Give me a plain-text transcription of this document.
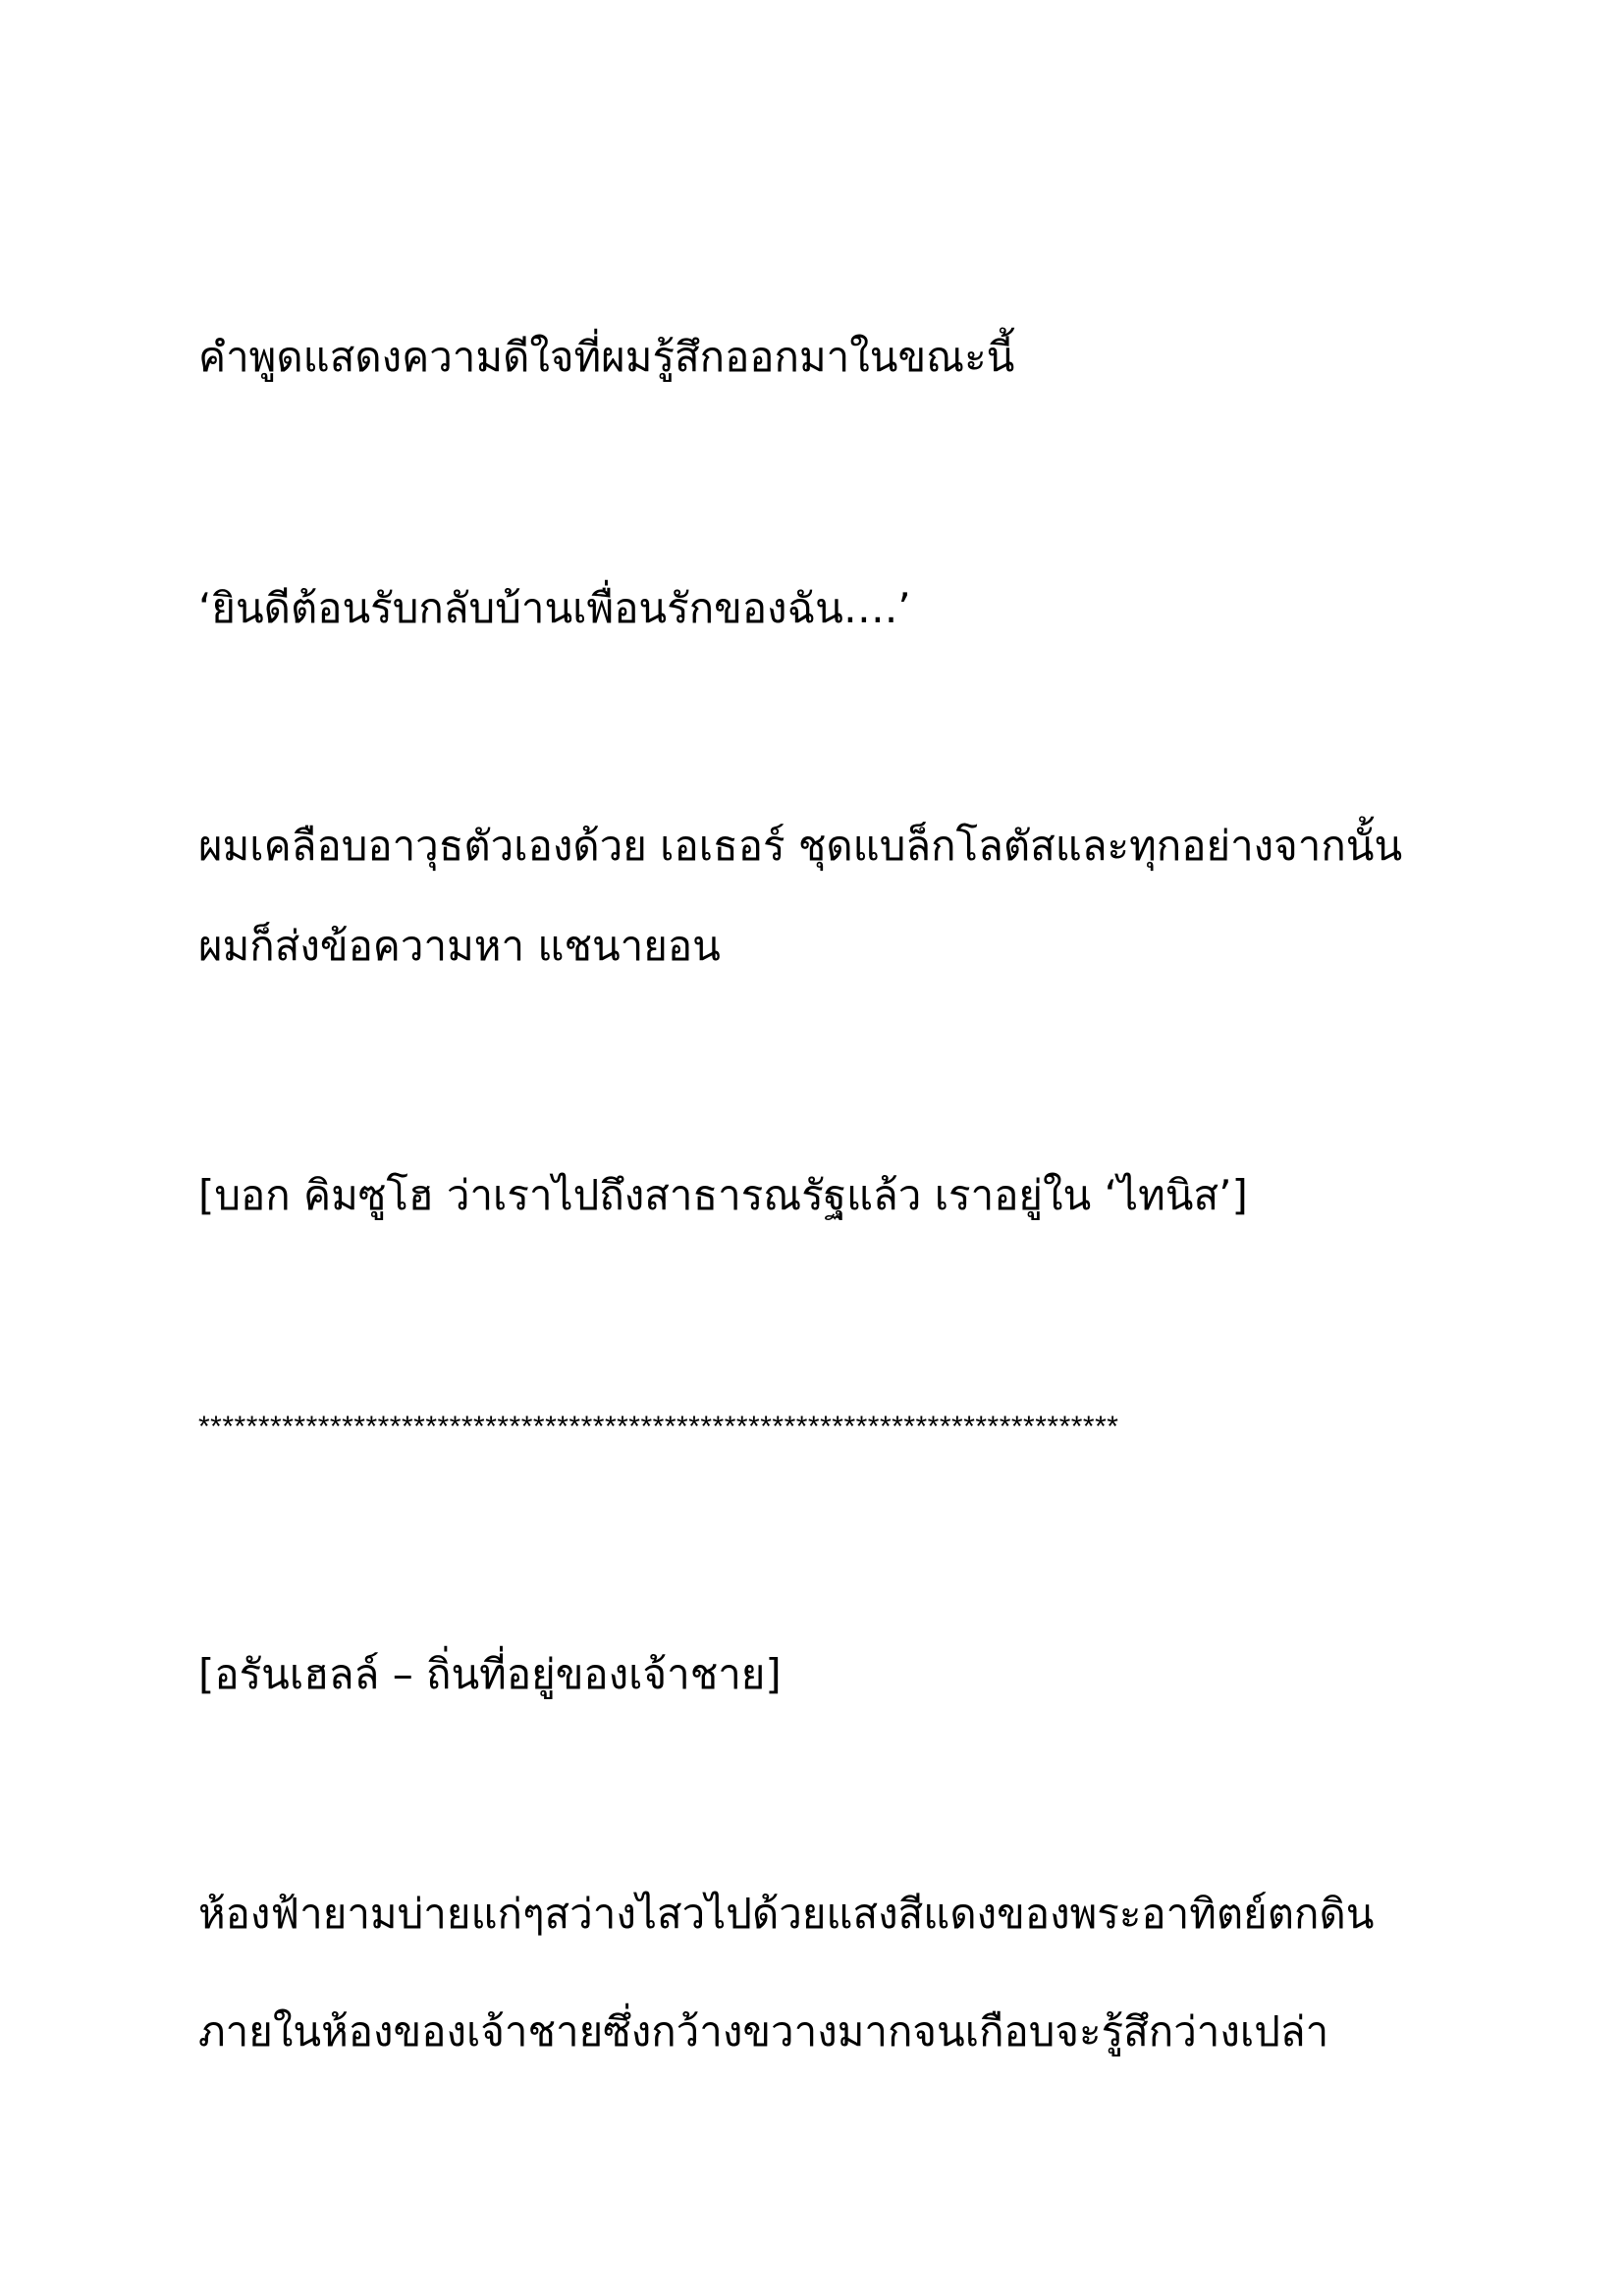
คำพูดแสดงความดีใจที่ผมรู้สึกออกมาในขณะนี้
‘ยินดีต้อนรับกลับบ้านเพื่อนรักของฉัน….’
ผมเคลือบอาวุธตัวเองด้วย เอเธอร์ ชุดแบล็กโลตัสและทุกอย่างจากนั้น
ผมก็ส่งข้อความหา แชนายอน
[บอก คิมซูโฮ ว่าเราไปถึงสาธารณรัฐแล้ว เราอยู่ใน ‘ไทนิส’]
*****************************************************************************
[อรันเฮลล์ – ถิ่นที่อยู่ของเจ้าชาย]
ห้องฟ้ายามบ่ายแก่ๆสว่างไสวไปด้วยแสงสีแดงของพระอาทิตย์ตกดิน
ภายในห้องของเจ้าชายซึ่งกว้างขวางมากจนเกือบจะรู้สึกว่างเปล่า
